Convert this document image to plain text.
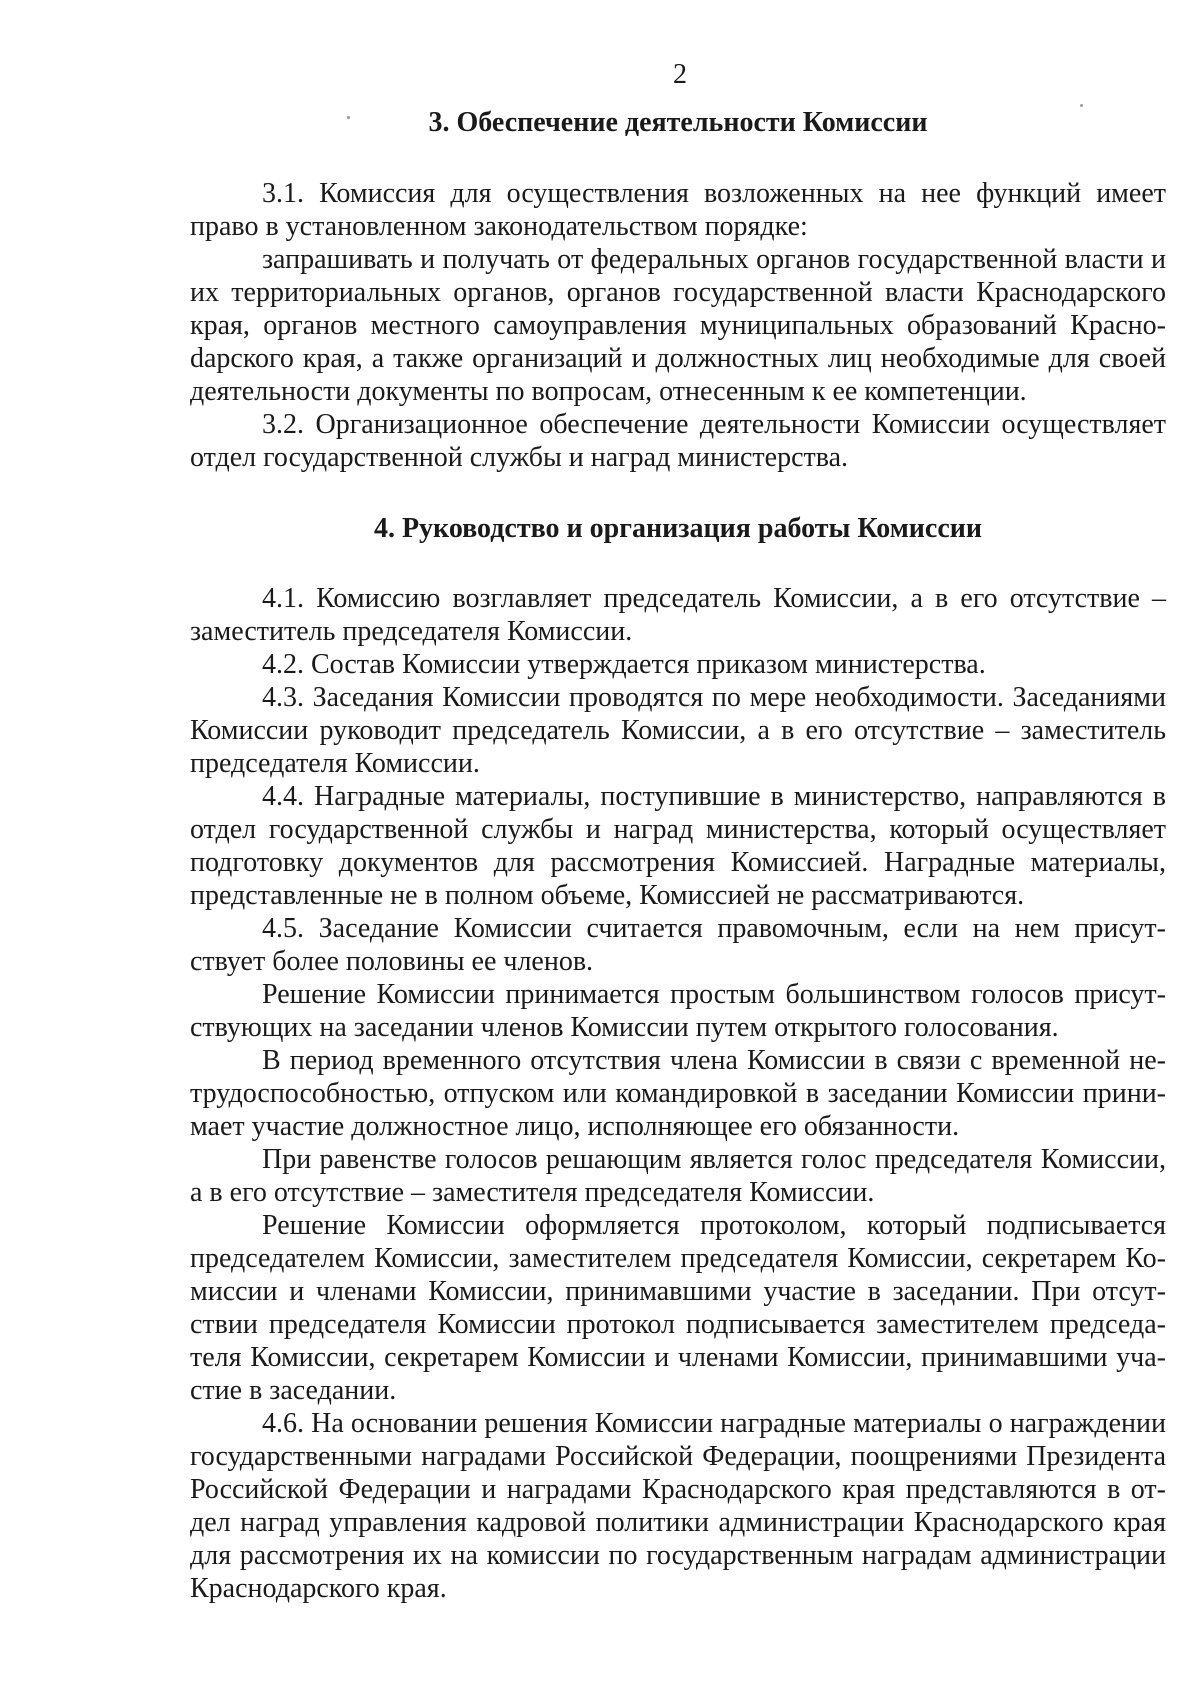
2
3. Обеспечение деятельности Комиссии

3.1. Комиссия для осуществления возложенных на нее функций имеет право в установленном законодательством порядке:

запрашивать и получать от федеральных органов государственной власти и их территориальных органов, органов государственной власти Краснодарского края, органов местного самоуправления муниципальных образований Красноdарского края, а также организаций и должностных лиц необходимые для своей деятельности документы по вопросам, отнесенным к ее компетенции.

3.2. Организационное обеспечение деятельности Комиссии осуществляет отдел государственной службы и наград министерства.

4. Руководство и организация работы Комиссии

4.1. Комиссию возглавляет председатель Комиссии, а в его отсутствие – заместитель председателя Комиссии.

4.2. Состав Комиссии утверждается приказом министерства.

4.3. Заседания Комиссии проводятся по мере необходимости. Заседаниями Комиссии руководит председатель Комиссии, а в его отсутствие – заместитель председателя Комиссии.

4.4. Наградные материалы, поступившие в министерство, направляются в отдел государственной службы и наград министерства, который осуществляет подготовку документов для рассмотрения Комиссией. Наградные материалы, представленные не в полном объеме, Комиссией не рассматриваются.

4.5. Заседание Комиссии считается правомочным, если на нем присутствует более половины ее членов.

Решение Комиссии принимается простым большинством голосов присутствующих на заседании членов Комиссии путем открытого голосования.

В период временного отсутствия члена Комиссии в связи с временной нетрудоспособностью, отпуском или командировкой в заседании Комиссии принимает участие должностное лицо, исполняющее его обязанности.

При равенстве голосов решающим является голос председателя Комиссии, а в его отсутствие – заместителя председателя Комиссии.

Решение Комиссии оформляется протоколом, который подписывается председателем Комиссии, заместителем председателя Комиссии, секретарем Комиссии и членами Комиссии, принимавшими участие в заседании. При отсутствии председателя Комиссии протокол подписывается заместителем председателя Комиссии, секретарем Комиссии и членами Комиссии, принимавшими участие в заседании.

4.6. На основании решения Комиссии наградные материалы о награждении государственными наградами Российской Федерации, поощрениями Президента Российской Федерации и наградами Краснодарского края представляются в отдел наград управления кадровой политики администрации Краснодарского края для рассмотрения их на комиссии по государственным наградам администрации Краснодарского края.
